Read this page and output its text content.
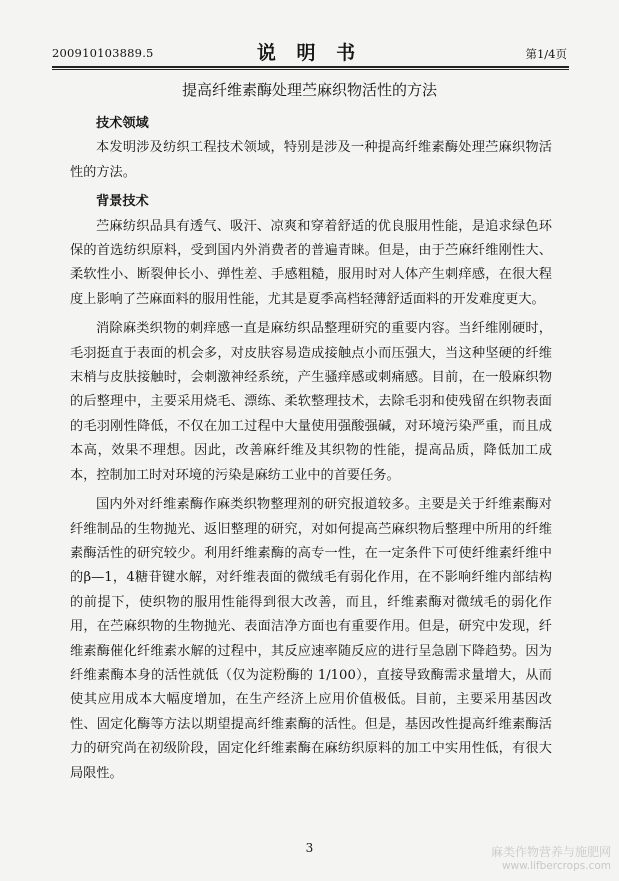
200910103889.5	说 明 书	第1/4页
提高纤维素酶处理苎麻织物活性的方法

技术领域

本发明涉及纺织工程技术领域，特别是涉及一种提高纤维素酶处理苎麻织物活性的方法。

背景技术

苎麻纺织品具有透气、吸汗、凉爽和穿着舒适的优良服用性能，是追求绿色环保的首选纺织原料，受到国内外消费者的普遍青睐。但是，由于苎麻纤维刚性大、柔软性小、断裂伸长小、弹性差、手感粗糙，服用时对人体产生刺痒感，在很大程度上影响了苎麻面料的服用性能，尤其是夏季高档轻薄舒适面料的开发难度更大。

消除麻类织物的刺痒感一直是麻纺织品整理研究的重要内容。当纤维刚硬时，毛羽挺直于表面的机会多，对皮肤容易造成接触点小而压强大，当这种坚硬的纤维末梢与皮肤接触时，会刺激神经系统，产生骚痒感或刺痛感。目前，在一般麻织物的后整理中，主要采用烧毛、漂练、柔软整理技术，去除毛羽和使残留在织物表面的毛羽刚性降低，不仅在加工过程中大量使用强酸强碱，对环境污染严重，而且成本高，效果不理想。因此，改善麻纤维及其织物的性能，提高品质，降低加工成本，控制加工时对环境的污染是麻纺工业中的首要任务。

国内外对纤维素酶作麻类织物整理剂的研究报道较多。主要是关于纤维素酶对纤维制品的生物抛光、返旧整理的研究，对如何提高苎麻织物后整理中所用的纤维素酶活性的研究较少。利用纤维素酶的高专一性，在一定条件下可使纤维素纤维中的β—1，4糖苷键水解，对纤维表面的微绒毛有弱化作用，在不影响纤维内部结构的前提下，使织物的服用性能得到很大改善，而且，纤维素酶对微绒毛的弱化作用，在苎麻织物的生物抛光、表面洁净方面也有重要作用。但是，研究中发现，纤维素酶催化纤维素水解的过程中，其反应速率随反应的进行呈急剧下降趋势。因为纤维素酶本身的活性就低（仅为淀粉酶的 1/100），直接导致酶需求量增大，从而使其应用成本大幅度增加，在生产经济上应用价值极低。目前，主要采用基因改性、固定化酶等方法以期望提高纤维素酶的活性。但是，基因改性提高纤维素酶活力的研究尚在初级阶段，固定化纤维素酶在麻纺织原料的加工中实用性低，有很大局限性。

3	麻类作物营养与施肥网
www.lifbercrops.com
